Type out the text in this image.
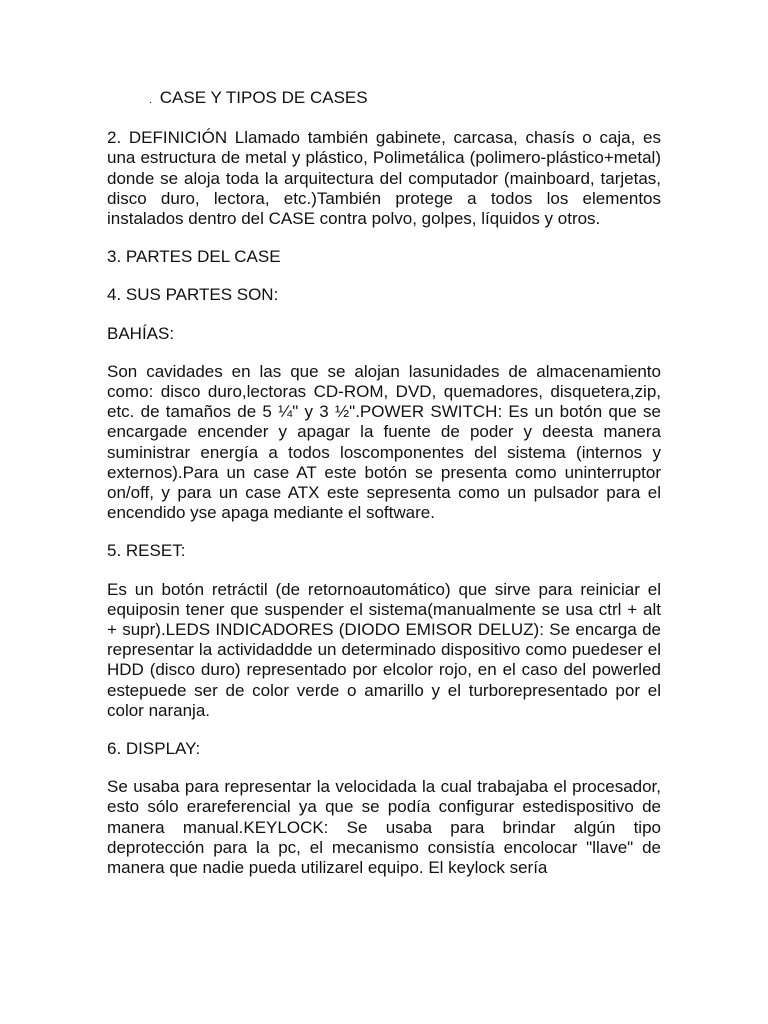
. CASE Y TIPOS DE CASES

2. DEFINICIÓN Llamado también gabinete, carcasa, chasís o caja, es una estructura de metal y plástico, Polimetálica (polimero-plástico+metal) donde se aloja toda la arquitectura del computador (mainboard, tarjetas, disco duro, lectora, etc.)También protege a todos los elementos instalados dentro del CASE contra polvo, golpes, líquidos y otros.

3. PARTES DEL CASE

4. SUS PARTES SON:

BAHÍAS:

Son cavidades en las que se alojan lasunidades de almacenamiento como: disco duro,lectoras CD-ROM, DVD, quemadores, disquetera,zip, etc. de tamaños de 5 ¼" y 3 ½".POWER SWITCH: Es un botón que se encargade encender y apagar la fuente de poder y deesta manera suministrar energía a todos loscomponentes del sistema (internos y externos).Para un case AT este botón se presenta como uninterruptor on/off, y para un case ATX este sepresenta como un pulsador para el encendido yse apaga mediante el software.

5. RESET:

Es un botón retráctil (de retornoautomático) que sirve para reiniciar el equiposin tener que suspender el sistema(manualmente se usa ctrl + alt + supr).LEDS INDICADORES (DIODO EMISOR DELUZ): Se encarga de representar la actividaddde un determinado dispositivo como puedeser el HDD (disco duro) representado por elcolor rojo, en el caso del powerled estepuede ser de color verde o amarillo y el turborepresentado por el color naranja.

6. DISPLAY:

Se usaba para representar la velocidada la cual trabajaba el procesador, esto sólo erareferencial ya que se podía configurar estedispositivo de manera manual.KEYLOCK: Se usaba para brindar algún tipo deprotección para la pc, el mecanismo consistía encolocar "llave" de manera que nadie pueda utilizarel equipo. El keylock sería
